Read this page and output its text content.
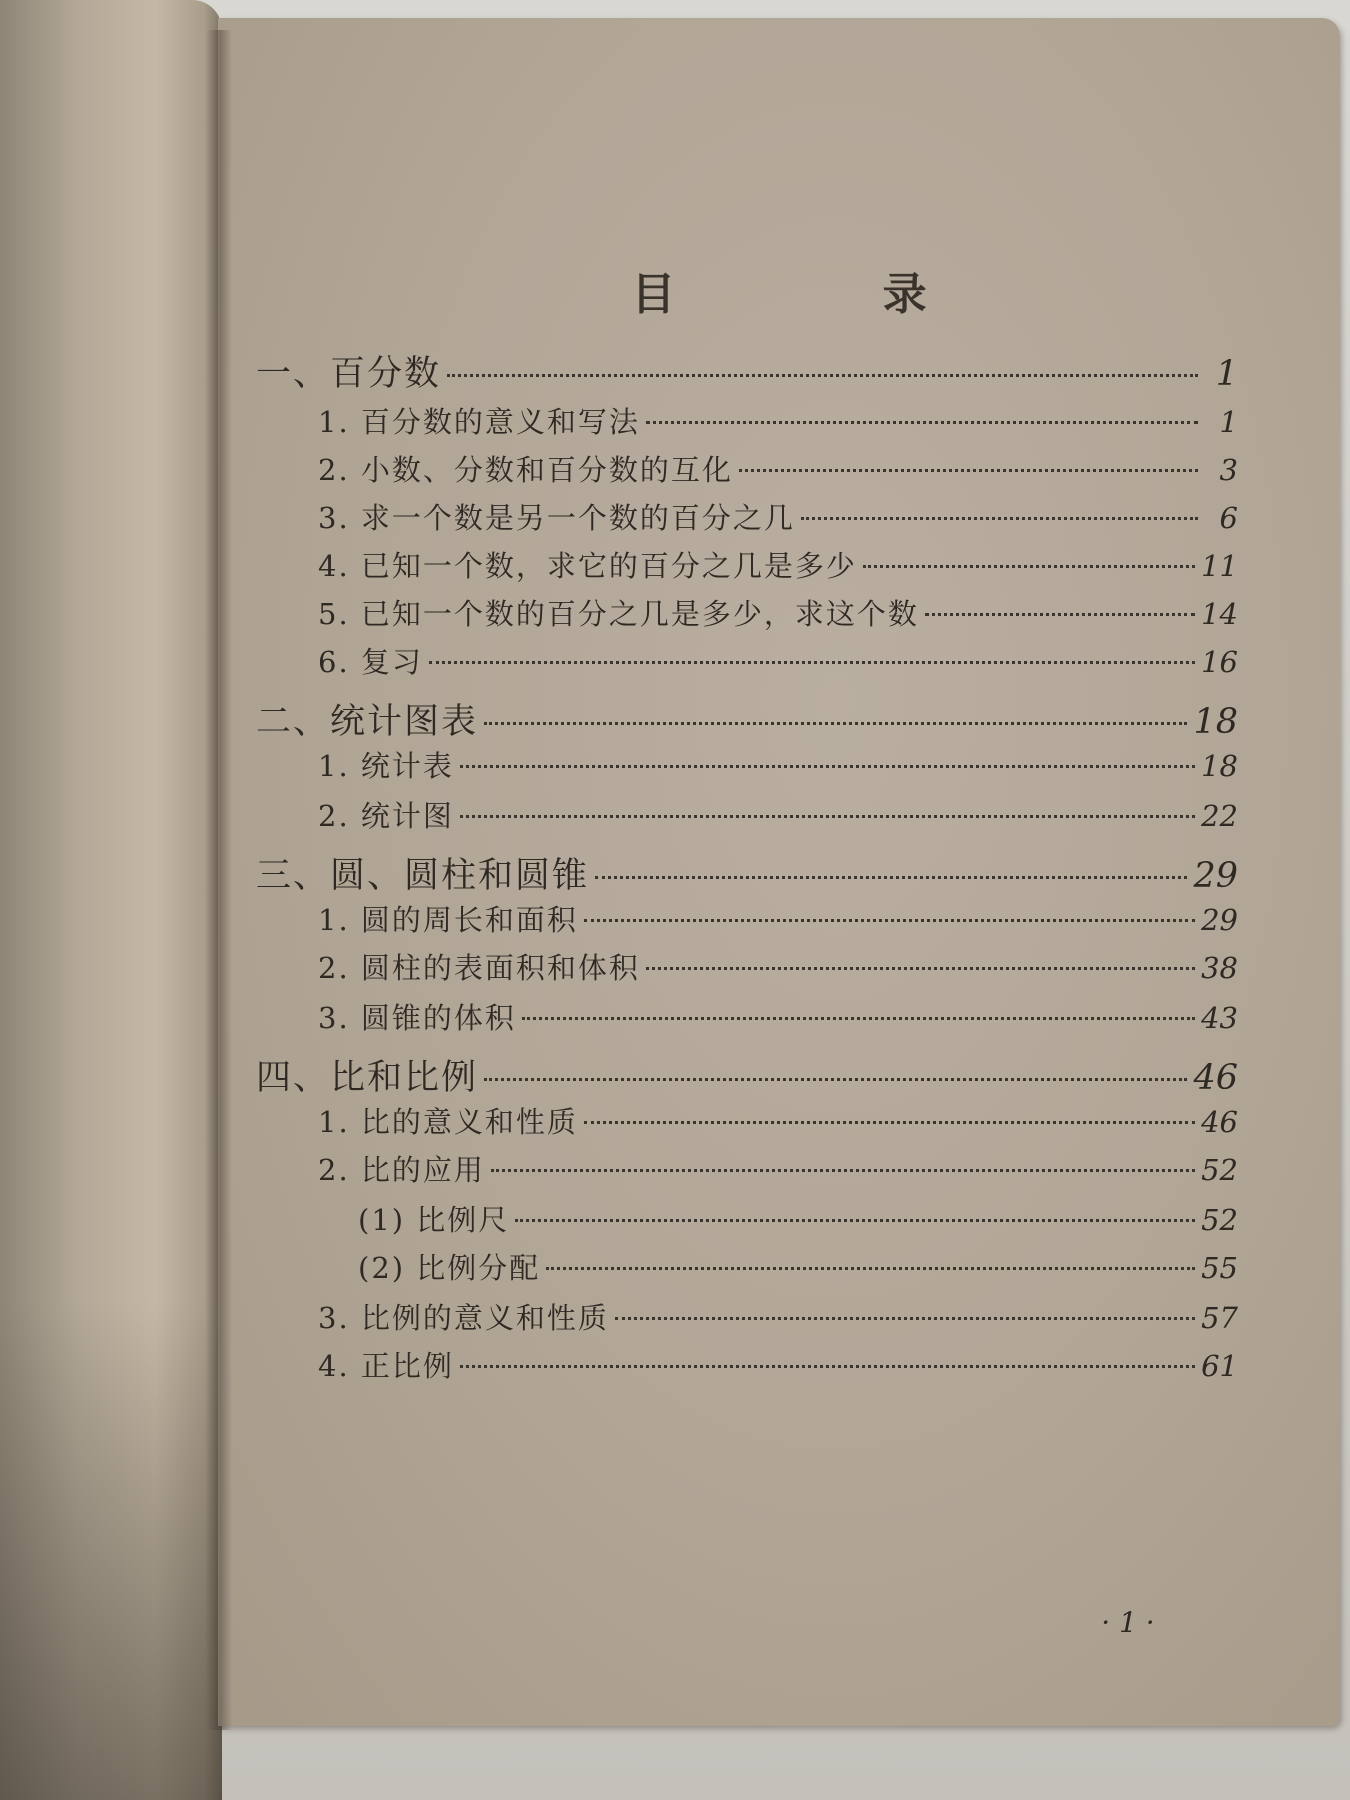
目 录
一、百分数	1
1. 百分数的意义和写法	1
2. 小数、分数和百分数的互化	3
3. 求一个数是另一个数的百分之几	6
4. 已知一个数，求它的百分之几是多少	11
5. 已知一个数的百分之几是多少，求这个数	14
6. 复习	16
二、统计图表	18
1. 统计表	18
2. 统计图	22
三、圆、圆柱和圆锥	29
1. 圆的周长和面积	29
2. 圆柱的表面积和体积	38
3. 圆锥的体积	43
四、比和比例	46
1. 比的意义和性质	46
2. 比的应用	52
(1) 比例尺	52
(2) 比例分配	55
3. 比例的意义和性质	57
4. 正比例	61
· 1 ·
